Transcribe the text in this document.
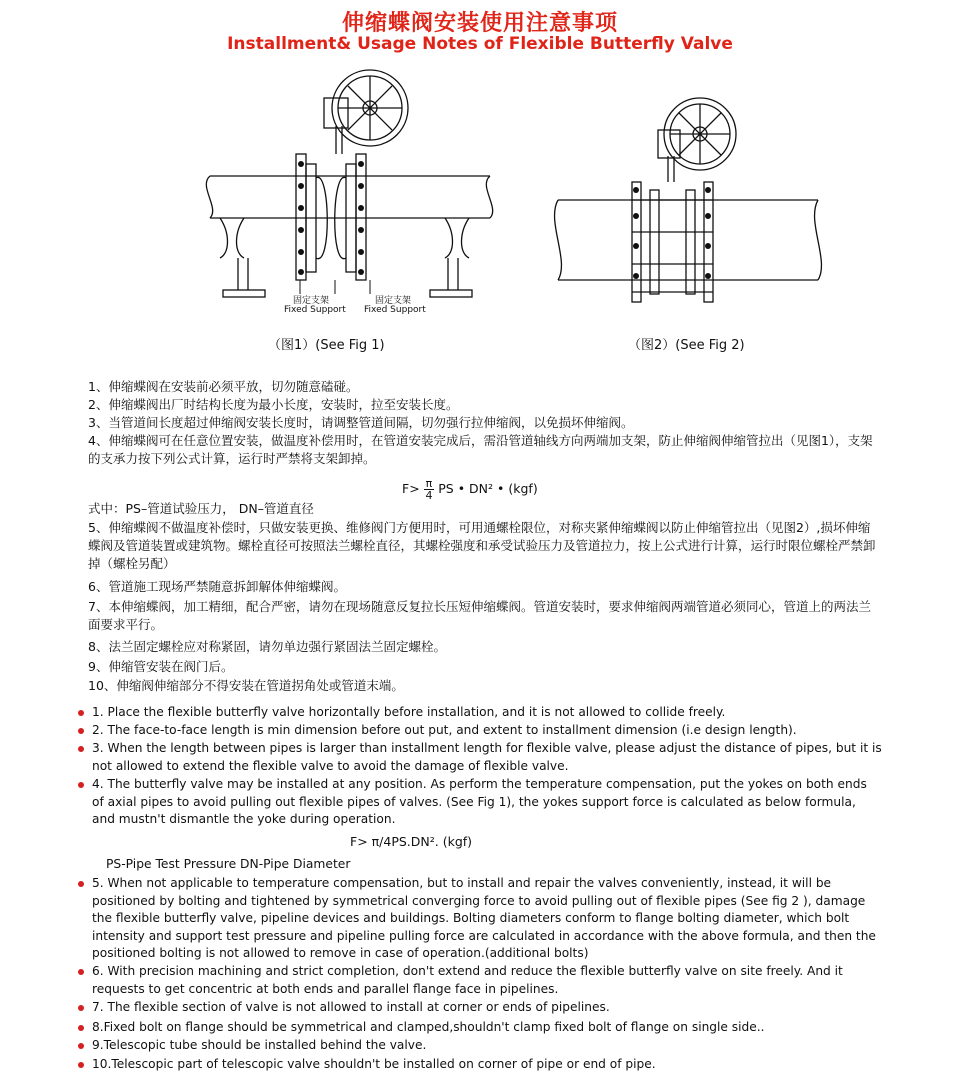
伸缩蝶阀安装使用注意事项
Installment& Usage Notes of Flexible Butterfly Valve
固定支架
Fixed Support
固定支架
Fixed Support
（图1）(See Fig 1)	（图2）(See Fig 2)
1、伸缩蝶阀在安装前必须平放，切勿随意磕碰。
2、伸缩蝶阀出厂时结构长度为最小长度，安装时，拉至安装长度。
3、当管道间长度超过伸缩阀安装长度时，请调整管道间隔，切勿强行拉伸缩阀，以免损坏伸缩阀。
4、伸缩蝶阀可在任意位置安装，做温度补偿用时，在管道安装完成后，需沿管道轴线方向两端加支架，防止伸缩阀伸缩管拉出（见图1），支架的支承力按下列公式计算，运行时严禁将支架卸掉。
$F> \frac{\pi}{4}$ PS • DN² • (kgf)
式中：PS–管道试验压力， DN–管道直径
5、伸缩蝶阀不做温度补偿时，只做安装更换、维修阀门方便用时，可用通螺栓限位，对称夹紧伸缩蝶阀以防止伸缩管拉出（见图2）,损坏伸缩蝶阀及管道装置或建筑物。螺栓直径可按照法兰螺栓直径，其螺栓强度和承受试验压力及管道拉力，按上公式进行计算，运行时限位螺栓严禁卸掉（螺栓另配）
6、管道施工现场严禁随意拆卸解体伸缩蝶阀。
7、本伸缩蝶阀，加工精细，配合严密，请勿在现场随意反复拉长压短伸缩蝶阀。管道安装时，要求伸缩阀两端管道必须同心，管道上的两法兰面要求平行。
8、法兰固定螺栓应对称紧固，请勿单边强行紧固法兰固定螺栓。
9、伸缩管安装在阀门后。
10、伸缩阀伸缩部分不得安装在管道拐角处或管道末端。
1. Place the flexible butterfly valve horizontally before installation, and it is not allowed to collide freely.
2. The face-to-face length is min dimension before out put, and extent to installment dimension (i.e design length).
3. When the length between pipes is larger than installment length for flexible valve, please adjust the distance of pipes, but it is not allowed to extend the flexible valve to avoid the damage of flexible valve.
4. The butterfly valve may be installed at any position. As perform the temperature compensation, put the yokes on both ends of axial pipes to avoid pulling out flexible pipes of valves. (See Fig 1), the yokes support force is calculated as below formula, and mustn't dismantle the yoke during operation.
F> π/4PS.DN². (kgf)
PS-Pipe Test Pressure DN-Pipe Diameter
5. When not applicable to temperature compensation, but to install and repair the valves conveniently, instead, it will be positioned by bolting and tightened by symmetrical converging force to avoid pulling out of flexible pipes (See fig 2 ), damage the flexible butterfly valve, pipeline devices and buildings. Bolting diameters conform to flange bolting diameter, which bolt intensity and support test pressure and pipeline pulling force are calculated in accordance with the above formula, and then the positioned bolting is not allowed to remove in case of operation.(additional bolts)
6. With precision machining and strict completion, don't extend and reduce the flexible butterfly valve on site freely. And it requests to get concentric at both ends and parallel flange face in pipelines.
7. The flexible section of valve is not allowed to install at corner or ends of pipelines.
8.Fixed bolt on flange should be symmetrical and clamped,shouldn't clamp fixed bolt of flange on single side..
9.Telescopic tube should be installed behind the valve.
10.Telescopic part of telescopic valve shouldn't be installed on corner of pipe or end of pipe.
